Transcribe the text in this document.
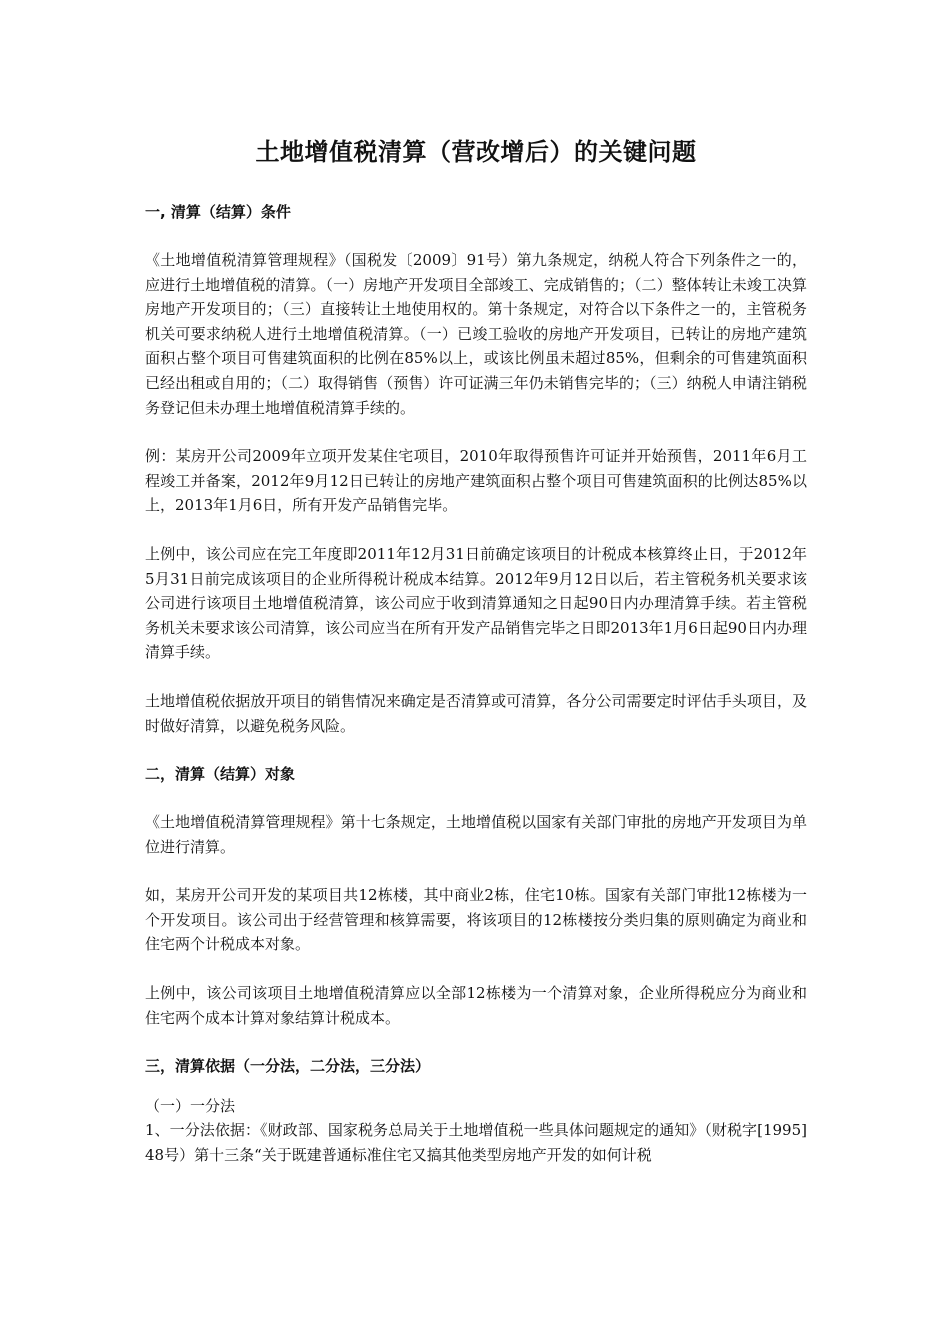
土地增值税清算（营改增后）的关键问题
一, 清算（结算）条件

《土地增值税清算管理规程》（国税发〔2009〕91号）第九条规定，纳税人符合下列条件之一的，应进行土地增值税的清算。（一）房地产开发项目全部竣工、完成销售的；（二）整体转让未竣工决算房地产开发项目的；（三）直接转让土地使用权的。第十条规定，对符合以下条件之一的，主管税务机关可要求纳税人进行土地增值税清算。（一）已竣工验收的房地产开发项目，已转让的房地产建筑面积占整个项目可售建筑面积的比例在85%以上，或该比例虽未超过85%，但剩余的可售建筑面积已经出租或自用的；（二）取得销售（预售）许可证满三年仍未销售完毕的；（三）纳税人申请注销税务登记但未办理土地增值税清算手续的。

例：某房开公司2009年立项开发某住宅项目，2010年取得预售许可证并开始预售，2011年6月工程竣工并备案，2012年9月12日已转让的房地产建筑面积占整个项目可售建筑面积的比例达85%以上，2013年1月6日，所有开发产品销售完毕。

上例中，该公司应在完工年度即2011年12月31日前确定该项目的计税成本核算终止日，于2012年5月31日前完成该项目的企业所得税计税成本结算。2012年9月12日以后，若主管税务机关要求该公司进行该项目土地增值税清算，该公司应于收到清算通知之日起90日内办理清算手续。若主管税务机关未要求该公司清算，该公司应当在所有开发产品销售完毕之日即2013年1月6日起90日内办理清算手续。

土地增值税依据放开项目的销售情况来确定是否清算或可清算，各分公司需要定时评估手头项目，及时做好清算，以避免税务风险。

二，清算（结算）对象

《土地增值税清算管理规程》第十七条规定，土地增值税以国家有关部门审批的房地产开发项目为单位进行清算。

如，某房开公司开发的某项目共12栋楼，其中商业2栋，住宅10栋。国家有关部门审批12栋楼为一个开发项目。该公司出于经营管理和核算需要，将该项目的12栋楼按分类归集的原则确定为商业和住宅两个计税成本对象。

上例中，该公司该项目土地增值税清算应以全部12栋楼为一个清算对象，企业所得税应分为商业和住宅两个成本计算对象结算计税成本。

三，清算依据（一分法，二分法，三分法）
（一）一分法

1、一分法依据：《财政部、国家税务总局关于土地增值税一些具体问题规定的通知》（财税字[1995]48号）第十三条“关于既建普通标准住宅又搞其他类型房地产开发的如何计税
